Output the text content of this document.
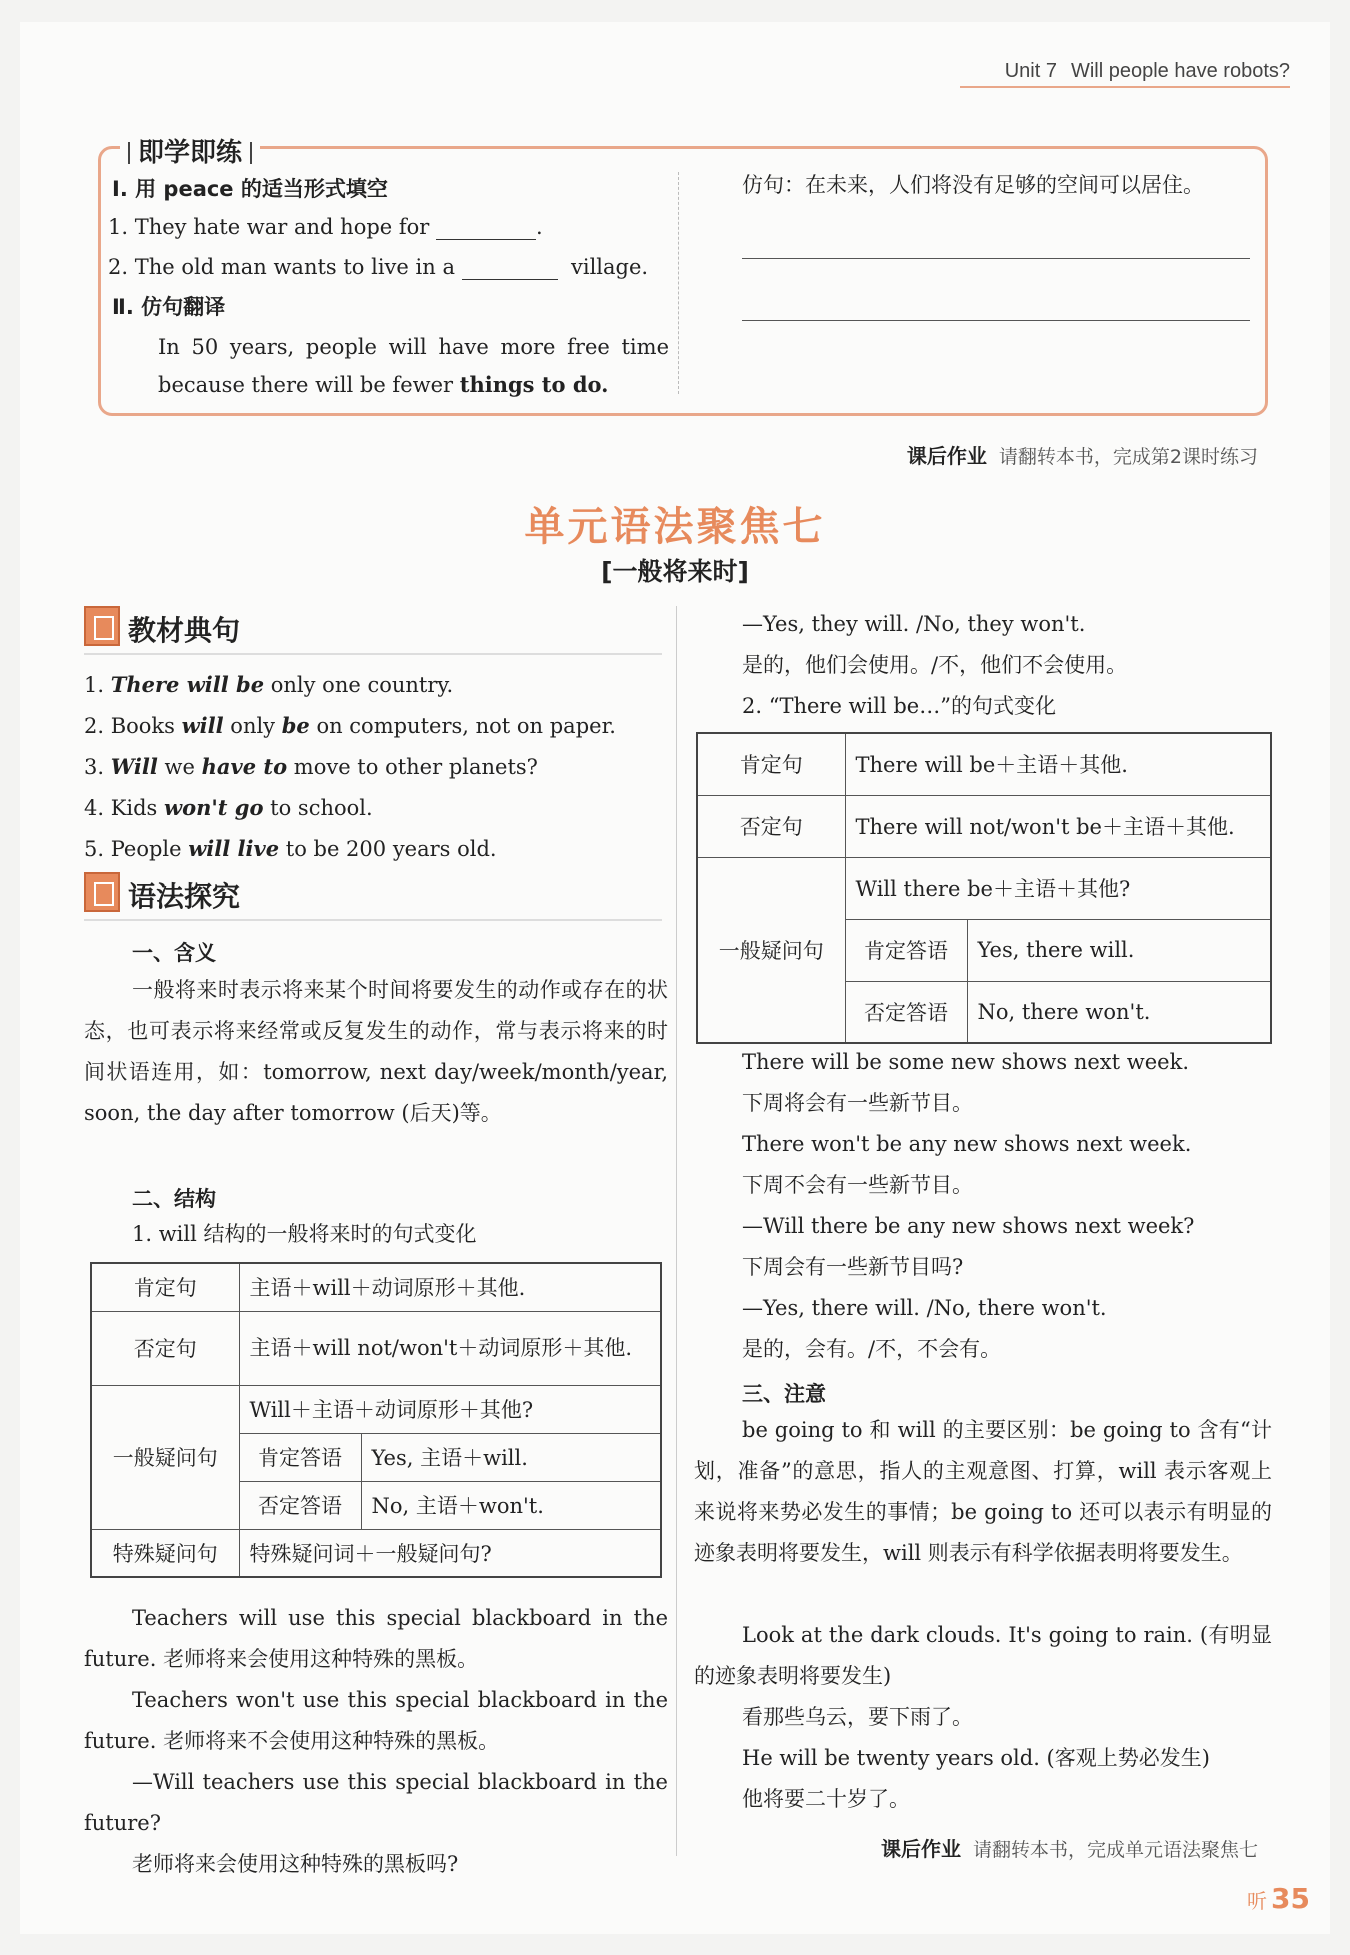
Unit 7 Will people have robots?
即学即练
Ⅰ. 用 peace 的适当形式填空
1. They hate war and hope for	.
2. The old man wants to live in a	village.
Ⅱ. 仿句翻译
In 50 years, people will have more free time
because there will be fewer things to do.
仿句：在未来，人们将没有足够的空间可以居住。
课后作业 请翻转本书，完成第2课时练习
单元语法聚焦七
[一般将来时]
教材典句
1. There will be only one country.
2. Books will only be on computers, not on paper.
3. Will we have to move to other planets?
4. Kids won't go to school.
5. People will live to be 200 years old.
语法探究
一、含义
一般将来时表示将来某个时间将要发生的动作或存在的状态，也可表示将来经常或反复发生的动作，常与表示将来的时间状语连用，如：tomorrow, next day/week/month/year, soon, the day after tomorrow (后天)等。
二、结构
1. will 结构的一般将来时的句式变化
肯定句	主语＋will＋动词原形＋其他.	
否定句	主语＋will not/won't＋动词原形＋其他.	
一般疑问句	Will＋主语＋动词原形＋其他?	
	肯定答语	Yes, 主语＋will.
	否定答语	No, 主语＋won't.
特殊疑问句	特殊疑问词＋一般疑问句?	
Teachers will use this special blackboard in the future. 老师将来会使用这种特殊的黑板。
Teachers won't use this special blackboard in the future. 老师将来不会使用这种特殊的黑板。
—Will teachers use this special blackboard in the future?
老师将来会使用这种特殊的黑板吗?
—Yes, they will. /No, they won't.
是的，他们会使用。/不，他们不会使用。
2. “There will be…”的句式变化
肯定句	There will be＋主语＋其他.	
否定句	There will not/won't be＋主语＋其他.	
一般疑问句	Will there be＋主语＋其他?	
	肯定答语	Yes, there will.
	否定答语	No, there won't.
There will be some new shows next week.
下周将会有一些新节目。
There won't be any new shows next week.
下周不会有一些新节目。
—Will there be any new shows next week?
下周会有一些新节目吗?
—Yes, there will. /No, there won't.
是的，会有。/不，不会有。
三、注意
be going to 和 will 的主要区别：be going to 含有“计划，准备”的意思，指人的主观意图、打算，will 表示客观上来说将来势必发生的事情；be going to 还可以表示有明显的迹象表明将要发生，will 则表示有科学依据表明将要发生。
Look at the dark clouds. It's going to rain. (有明显的迹象表明将要发生)
看那些乌云，要下雨了。
He will be twenty years old. (客观上势必发生)
他将要二十岁了。
课后作业 请翻转本书，完成单元语法聚焦七
听 35
